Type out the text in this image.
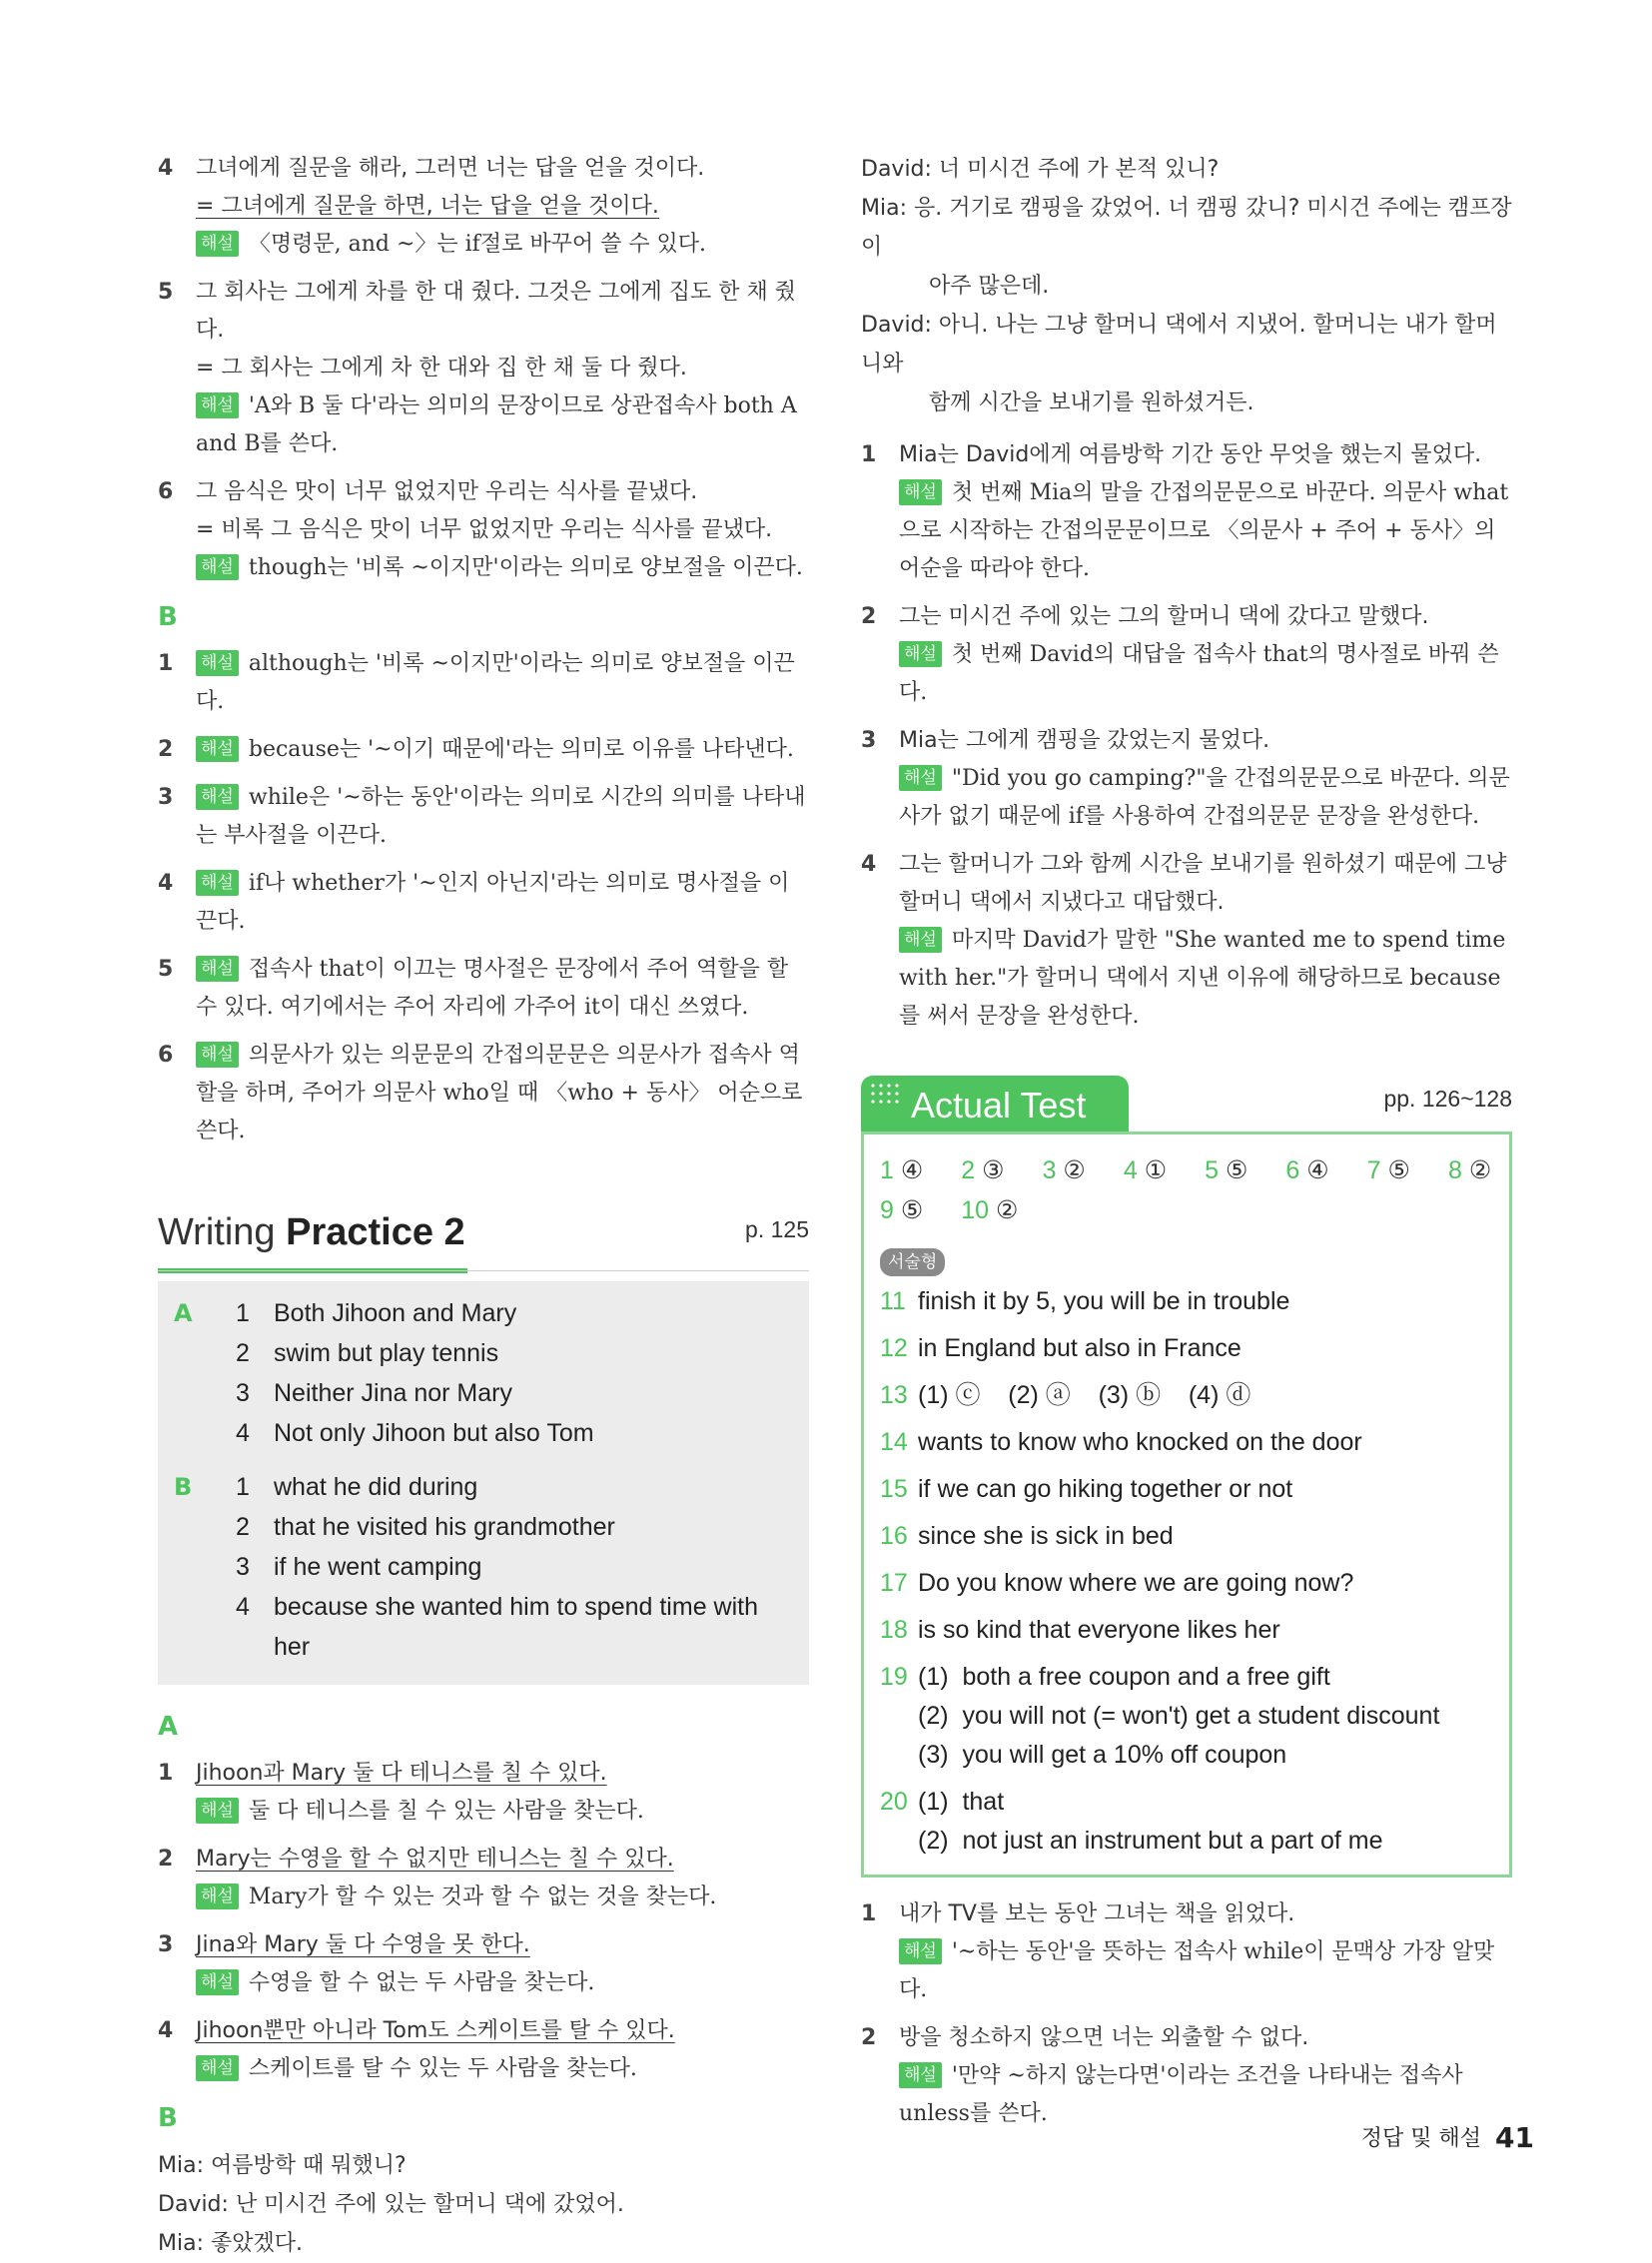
4 그녀에게 질문을 해라, 그러면 너는 답을 얻을 것이다.
= 그녀에게 질문을 하면, 너는 답을 얻을 것이다.
해설 〈명령문, and ~〉는 if절로 바꾸어 쓸 수 있다.
5 그 회사는 그에게 차를 한 대 줬다. 그것은 그에게 집도 한 채 줬다.
= 그 회사는 그에게 차 한 대와 집 한 채 둘 다 줬다.
해설 'A와 B 둘 다'라는 의미의 문장이므로 상관접속사 both A and B를 쓴다.
6 그 음식은 맛이 너무 없었지만 우리는 식사를 끝냈다.
= 비록 그 음식은 맛이 너무 없었지만 우리는 식사를 끝냈다.
해설 though는 '비록 ~이지만'이라는 의미로 양보절을 이끈다.
B
1 해설 although는 '비록 ~이지만'이라는 의미로 양보절을 이끈다.
2 해설 because는 '~이기 때문에'라는 의미로 이유를 나타낸다.
3 해설 while은 '~하는 동안'이라는 의미로 시간의 의미를 나타내는 부사절을 이끈다.
4 해설 if나 whether가 '~인지 아닌지'라는 의미로 명사절을 이끈다.
5 해설 접속사 that이 이끄는 명사절은 문장에서 주어 역할을 할 수 있다. 여기에서는 주어 자리에 가주어 it이 대신 쓰였다.
6 해설 의문사가 있는 의문문의 간접의문문은 의문사가 접속사 역할을 하며, 주어가 의문사 who일 때 〈who + 동사〉 어순으로 쓴다.
Writing Practice 2	p. 125
A 1 Both Jihoon and Mary
2 swim but play tennis
3 Neither Jina nor Mary
4 Not only Jihoon but also Tom
B 1 what he did during
2 that he visited his grandmother
3 if he went camping
4 because she wanted him to spend time with her
A
1 Jihoon과 Mary 둘 다 테니스를 칠 수 있다.
해설 둘 다 테니스를 칠 수 있는 사람을 찾는다.
2 Mary는 수영을 할 수 없지만 테니스는 칠 수 있다.
해설 Mary가 할 수 있는 것과 할 수 없는 것을 찾는다.
3 Jina와 Mary 둘 다 수영을 못 한다.
해설 수영을 할 수 없는 두 사람을 찾는다.
4 Jihoon뿐만 아니라 Tom도 스케이트를 탈 수 있다.
해설 스케이트를 탈 수 있는 두 사람을 찾는다.
B
Mia: 여름방학 때 뭐했니?
David: 난 미시건 주에 있는 할머니 댁에 갔었어.
Mia: 좋았겠다.
David: 너 미시건 주에 가 본적 있니?
Mia: 응. 거기로 캠핑을 갔었어. 너 캠핑 갔니? 미시건 주에는 캠프장이
아주 많은데.
David: 아니. 나는 그냥 할머니 댁에서 지냈어. 할머니는 내가 할머니와
함께 시간을 보내기를 원하셨거든.
1 Mia는 David에게 여름방학 기간 동안 무엇을 했는지 물었다.
해설 첫 번째 Mia의 말을 간접의문문으로 바꾼다. 의문사 what으로 시작하는 간접의문문이므로 〈의문사 + 주어 + 동사〉의 어순을 따라야 한다.
2 그는 미시건 주에 있는 그의 할머니 댁에 갔다고 말했다.
해설 첫 번째 David의 대답을 접속사 that의 명사절로 바꿔 쓴다.
3 Mia는 그에게 캠핑을 갔었는지 물었다.
해설 "Did you go camping?"을 간접의문문으로 바꾼다. 의문사가 없기 때문에 if를 사용하여 간접의문문 문장을 완성한다.
4 그는 할머니가 그와 함께 시간을 보내기를 원하셨기 때문에 그냥 할머니 댁에서 지냈다고 대답했다.
해설 마지막 David가 말한 "She wanted me to spend time with her."가 할머니 댁에서 지낸 이유에 해당하므로 because를 써서 문장을 완성한다.
Actual Test	pp. 126~128
1 ④ 2 ③ 3 ② 4 ① 5 ⑤ 6 ④ 7 ⑤ 8 ②
9 ⑤ 10 ②
서술형
11 finish it by 5, you will be in trouble
12 in England but also in France
13 (1) ⓒ    (2) ⓐ    (3) ⓑ    (4) ⓓ
14 wants to know who knocked on the door
15 if we can go hiking together or not
16 since she is sick in bed
17 Do you know where we are going now?
18 is so kind that everyone likes her
19 (1)  both a free coupon and a free gift
(2)  you will not (= won't) get a student discount
(3)  you will get a 10% off coupon
20 (1)  that
(2)  not just an instrument but a part of me
1 내가 TV를 보는 동안 그녀는 책을 읽었다.
해설 '~하는 동안'을 뜻하는 접속사 while이 문맥상 가장 알맞다.
2 방을 청소하지 않으면 너는 외출할 수 없다.
해설 '만약 ~하지 않는다면'이라는 조건을 나타내는 접속사 unless를 쓴다.
정답 및 해설 41
